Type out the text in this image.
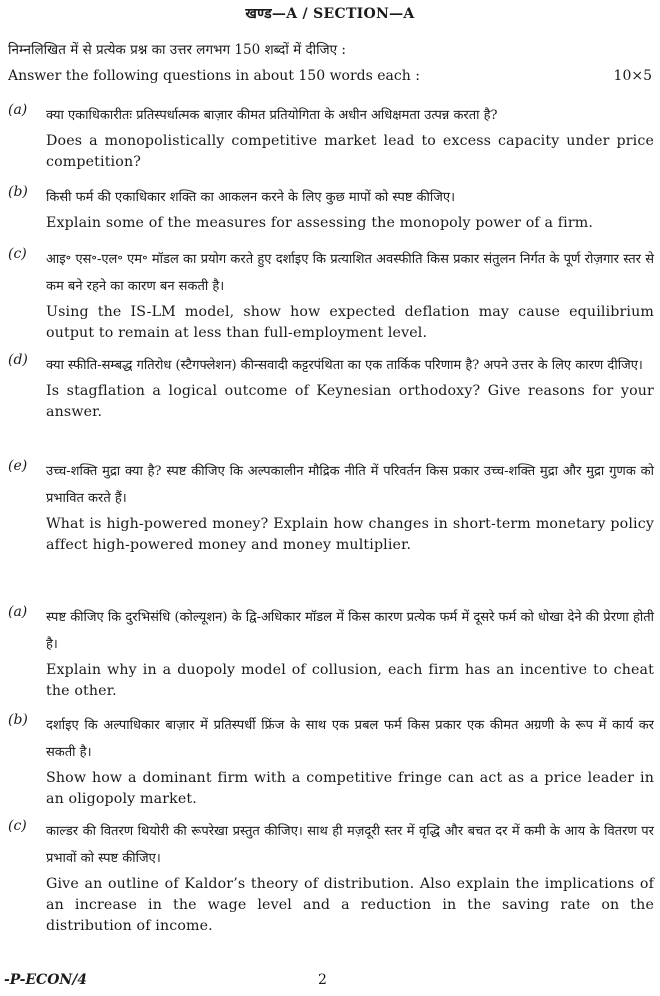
खण्ड—A / SECTION—A
निम्नलिखित में से प्रत्येक प्रश्न का उत्तर लगभग 150 शब्दों में दीजिए :
Answer the following questions in about 150 words each :	10×5
(a) क्या एकाधिकारीतः प्रतिस्पर्धात्मक बाज़ार कीमत प्रतियोगिता के अधीन अधिक्षमता उत्पन्न करता है?
Does a monopolistically competitive market lead to excess capacity under price competition?
(b) किसी फर्म की एकाधिकार शक्ति का आकलन करने के लिए कुछ मापों को स्पष्ट कीजिए।
Explain some of the measures for assessing the monopoly power of a firm.
(c) आइ॰ एस॰-एल॰ एम॰ मॉडल का प्रयोग करते हुए दर्शाइए कि प्रत्याशित अवस्फीति किस प्रकार संतुलन निर्गत के पूर्ण रोज़गार स्तर से कम बने रहने का कारण बन सकती है।
Using the IS-LM model, show how expected deflation may cause equilibrium output to remain at less than full-employment level.
(d) क्या स्फीति-सम्बद्ध गतिरोध (स्टैगफ्लेशन) कीन्सवादी कट्टरपंथिता का एक तार्किक परिणाम है? अपने उत्तर के लिए कारण दीजिए।
Is stagflation a logical outcome of Keynesian orthodoxy? Give reasons for your answer.
(e) उच्च-शक्ति मुद्रा क्या है? स्पष्ट कीजिए कि अल्पकालीन मौद्रिक नीति में परिवर्तन किस प्रकार उच्च-शक्ति मुद्रा और मुद्रा गुणक को प्रभावित करते हैं।
What is high-powered money? Explain how changes in short-term monetary policy affect high-powered money and money multiplier.
(a) स्पष्ट कीजिए कि दुरभिसंधि (कोल्यूशन) के द्वि-अधिकार मॉडल में किस कारण प्रत्येक फर्म में दूसरे फर्म को धोखा देने की प्रेरणा होती है।
Explain why in a duopoly model of collusion, each firm has an incentive to cheat the other.
(b) दर्शाइए कि अल्पाधिकार बाज़ार में प्रतिस्पर्धी फ्रिंज के साथ एक प्रबल फर्म किस प्रकार एक कीमत अग्रणी के रूप में कार्य कर सकती है।
Show how a dominant firm with a competitive fringe can act as a price leader in an oligopoly market.
(c) काल्डर की वितरण थियोरी की रूपरेखा प्रस्तुत कीजिए। साथ ही मज़दूरी स्तर में वृद्धि और बचत दर में कमी के आय के वितरण पर प्रभावों को स्पष्ट कीजिए।
Give an outline of Kaldor’s theory of distribution. Also explain the implications of an increase in the wage level and a reduction in the saving rate on the distribution of income.
-P-ECON/4	2
